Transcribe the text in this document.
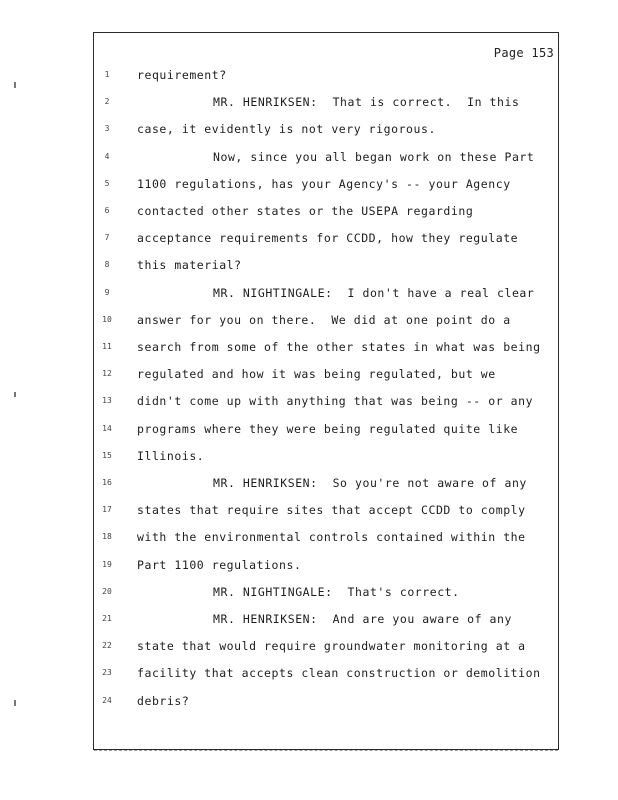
Page 153
1	requirement?
2	MR. HENRIKSEN:  That is correct.  In this
3	case, it evidently is not very rigorous.
4	Now, since you all began work on these Part
5	1100 regulations, has your Agency's -- your Agency
6	contacted other states or the USEPA regarding
7	acceptance requirements for CCDD, how they regulate
8	this material?
9	MR. NIGHTINGALE:  I don't have a real clear
10	answer for you on there.  We did at one point do a
11	search from some of the other states in what was being
12	regulated and how it was being regulated, but we
13	didn't come up with anything that was being -- or any
14	programs where they were being regulated quite like
15	Illinois.
16	MR. HENRIKSEN:  So you're not aware of any
17	states that require sites that accept CCDD to comply
18	with the environmental controls contained within the
19	Part 1100 regulations.
20	MR. NIGHTINGALE:  That's correct.
21	MR. HENRIKSEN:  And are you aware of any
22	state that would require groundwater monitoring at a
23	facility that accepts clean construction or demolition
24	debris?
